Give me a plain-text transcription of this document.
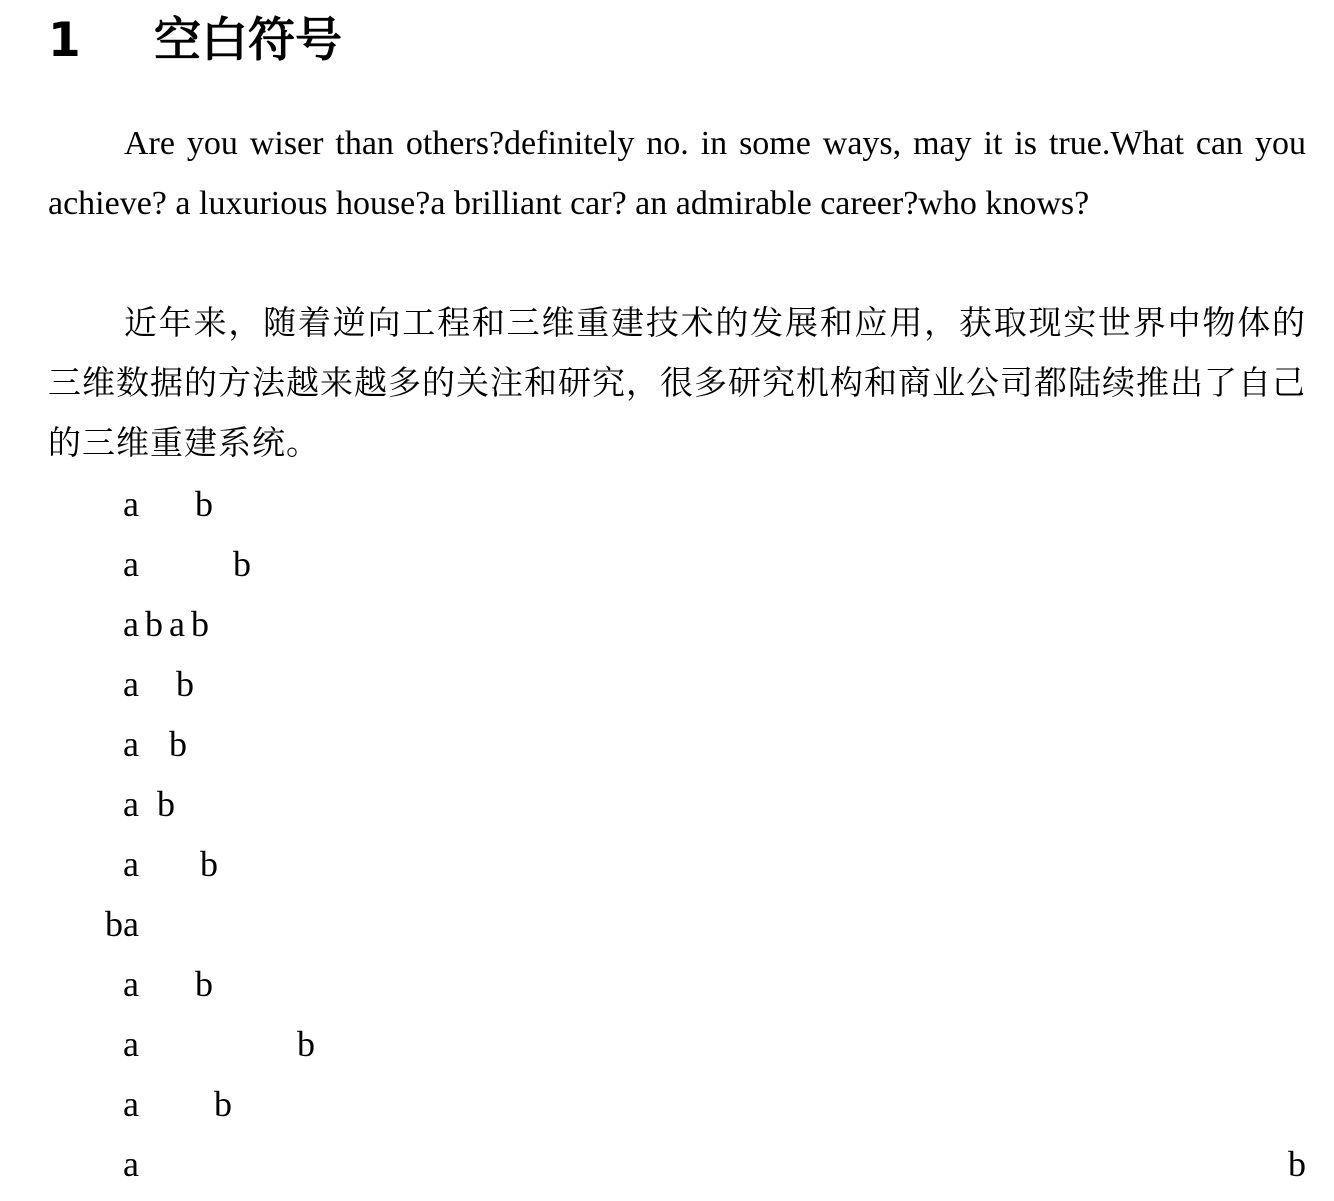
1 空白符号

Are you wiser than others?definitely no. in some ways, may it is true.What can you achieve? a luxurious house?a brilliant car? an admirable career?who knows?

近年来，随着逆向工程和三维重建技术的发展和应用，获取现实世界中物体的三维数据的方法越来越多的关注和研究，很多研究机构和商业公司都陆续推出了自己的三维重建系统。

a b
a	b
a b a b
a b
a b
a b
a b
ba
a b
a	b
a b
a	b
